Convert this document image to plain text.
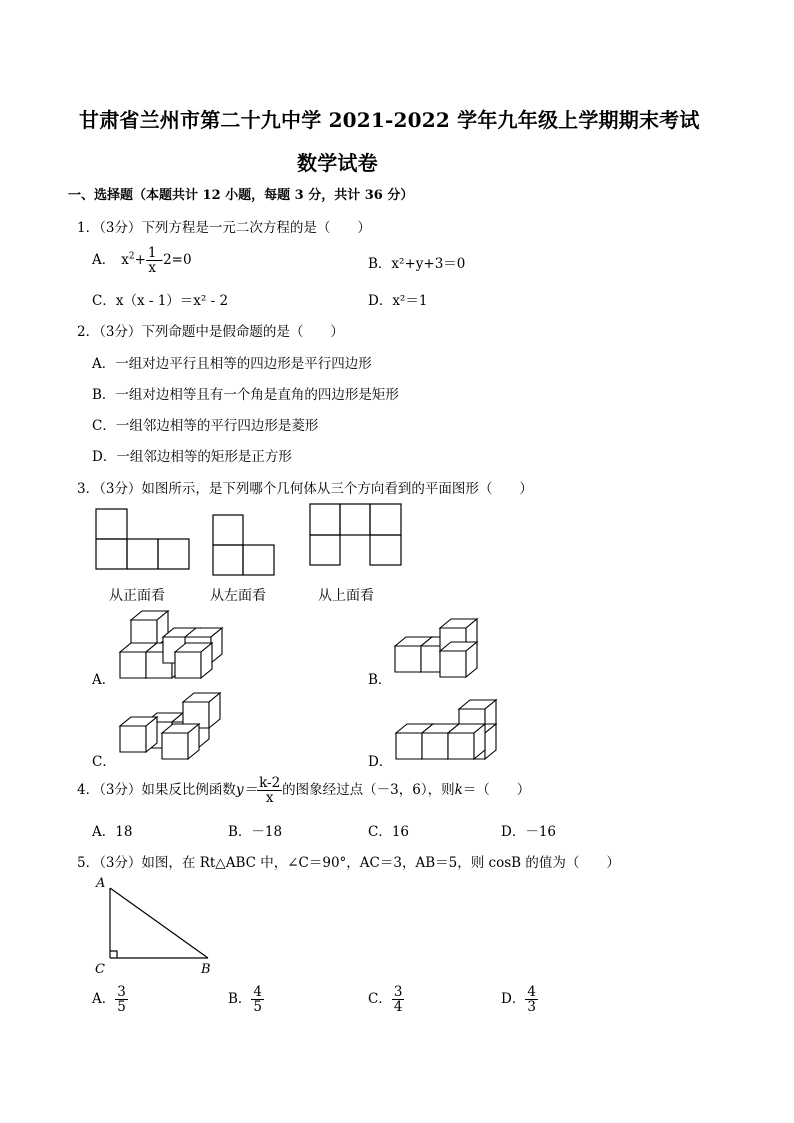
甘肃省兰州市第二十九中学 2021-2022 学年九年级上学期期末考试
数学试卷
一、选择题（本题共计 12 小题，每题 3 分，共计 36 分）
1．（3分）下列方程是一元二次方程的是（　　）
A． $x^2+ \frac{1}{x} -2=0$	B．x²+y+3＝0
C．x（x - 1）＝x² - 2	D．x²＝1
2．（3分）下列命题中是假命题的是（　　）
A．一组对边平行且相等的四边形是平行四边形
B．一组对边相等且有一个角是直角的四边形是矩形
C．一组邻边相等的平行四边形是菱形
D．一组邻边相等的矩形是正方形
3．（3分）如图所示，是下列哪个几何体从三个方向看到的平面图形（　　）
从正面看	从左面看	从上面看
A．	B．
C．	D．
4．（3分）如果反比例函数$y= \frac{k-2}{x}$ 的图象经过点（－3，6），则k＝（　　）
A．18	B．－18	C．16	D．－16
5．（3分）如图，在 Rt△ABC 中，∠C＝90°，AC＝3，AB＝5，则 cosB 的值为（　　）
A
C	B
A． $\frac{3}{5}$	B． $\frac{4}{5}$	C． $\frac{3}{4}$	D． $\frac{4}{3}$
